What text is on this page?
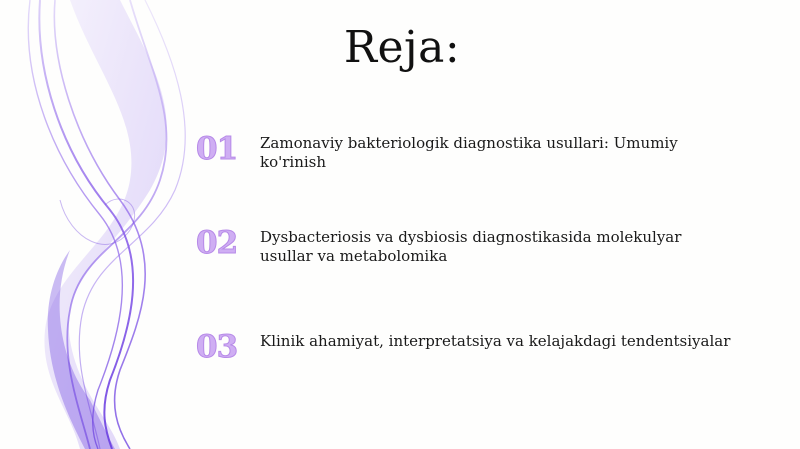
Reja:
01	Zamonaviy bakteriologik diagnostika usullari: Umumiy ko'rinish
02	Dysbacteriosis va dysbiosis diagnostikasida molekulyar usullar va metabolomika
03	Klinik ahamiyat, interpretatsiya va kelajakdagi tendentsiyalar
